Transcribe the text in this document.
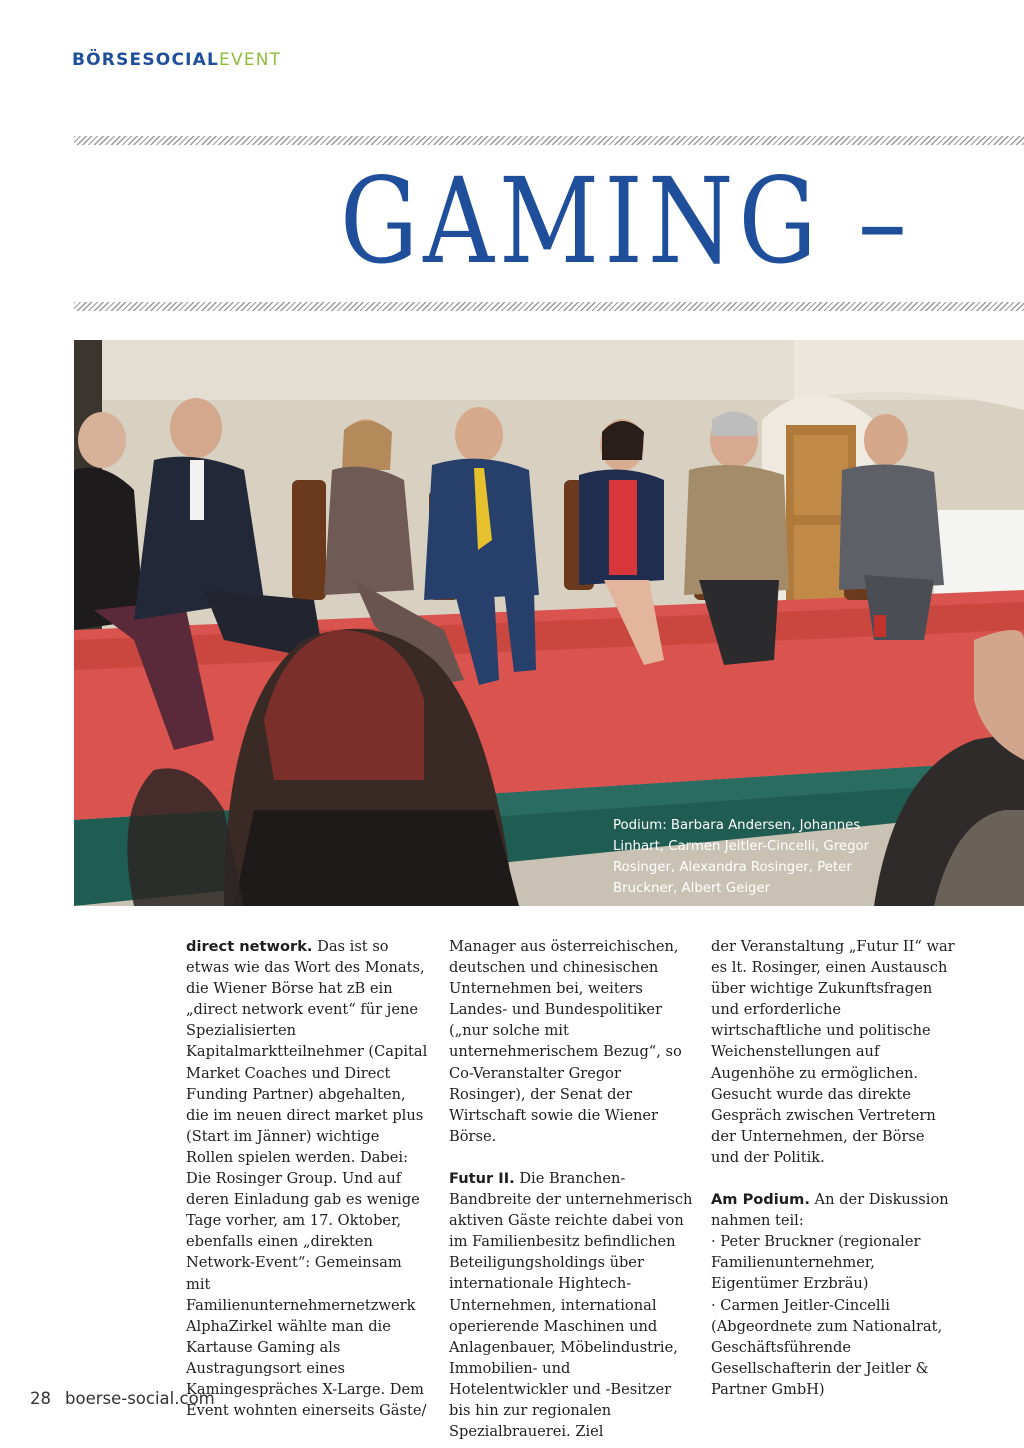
BÖRSESOCIALEVENT
GAMING –

Podium: Barbara Andersen, Johannes Linhart, Carmen Jeitler-Cincelli, Gregor Rosinger, Alexandra Rosinger, Peter Bruckner, Albert Geiger

direct network. Das ist so etwas wie das Wort des Monats, die Wiener Börse hat zB ein „direct network event“ für jene Spezialisierten Kapitalmarktteilnehmer (Capital Market Coaches und Direct Funding Partner) abgehalten, die im neuen direct market plus (Start im Jänner) wichtige Rollen spielen werden. Dabei: Die Rosinger Group. Und auf deren Einladung gab es wenige Tage vorher, am 17. Oktober, ebenfalls einen „direkten Network-Event“: Gemeinsam mit Familienunternehmernetzwerk AlphaZirkel wählte man die Kartause Gaming als Austragungsort eines Kamingespräches X-Large. Dem Event wohnten einerseits Gäste/

Manager aus österreichischen, deutschen und chinesischen Unternehmen bei, weiters Landes- und Bundespolitiker („nur solche mit unternehmerischem Bezug“, so Co-Veranstalter Gregor Rosinger), der Senat der Wirtschaft sowie die Wiener Börse.

Futur II. Die Branchen-Bandbreite der unternehmerisch aktiven Gäste reichte dabei von im Familienbesitz befindlichen Beteiligungsholdings über internationale Hightech-Unternehmen, international operierende Maschinen und Anlagenbauer, Möbelindustrie, Immobilien- und Hotelentwickler und -Besitzer bis hin zur regionalen Spezialbrauerei. Ziel

der Veranstaltung „Futur II“ war es lt. Rosinger, einen Austausch über wichtige Zukunftsfragen und erforderliche wirtschaftliche und politische Weichenstellungen auf Augenhöhe zu ermöglichen. Gesucht wurde das direkte Gespräch zwischen Vertretern der Unternehmen, der Börse und der Politik.

Am Podium. An der Diskussion nahmen teil:

· Peter Bruckner (regionaler Familienunternehmer, Eigentümer Erzbräu)

· Carmen Jeitler-Cincelli (Abgeordnete zum Nationalrat, Geschäftsführende Gesellschafterin der Jeitler & Partner GmbH)

28 boerse-social.com
